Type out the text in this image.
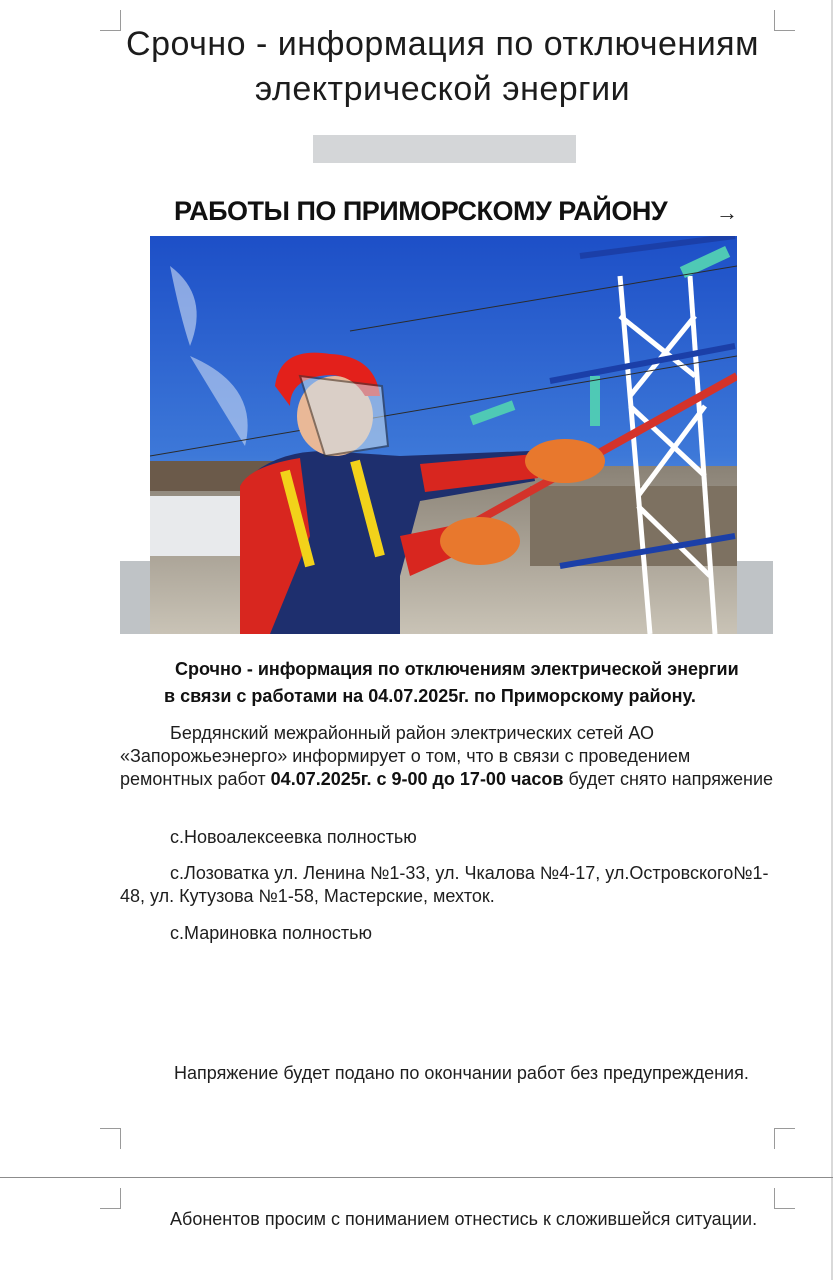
Срочно - информация по отключениям электрической энергии
РАБОТЫ ПО ПРИМОРСКОМУ РАЙОНУ	→
Срочно - информация по отключениям электрической энергии
в связи с работами на 04.07.2025г. по Приморскому району.
Бердянский межрайонный район электрических сетей АО «Запорожьеэнерго» информирует о том, что в связи с проведением ремонтных работ 04.07.2025г. с 9-00 до 17-00 часов будет снято напряжение
с.Новоалексеевка полностью
с.Лозоватка ул. Ленина №1-33, ул. Чкалова №4-17, ул.Островского№1-48, ул. Кутузова №1-58, Мастерские, мехток.
с.Мариновка полностью
Напряжение будет подано по окончании работ без предупреждения.
Абонентов просим с пониманием отнестись к сложившейся ситуации.
